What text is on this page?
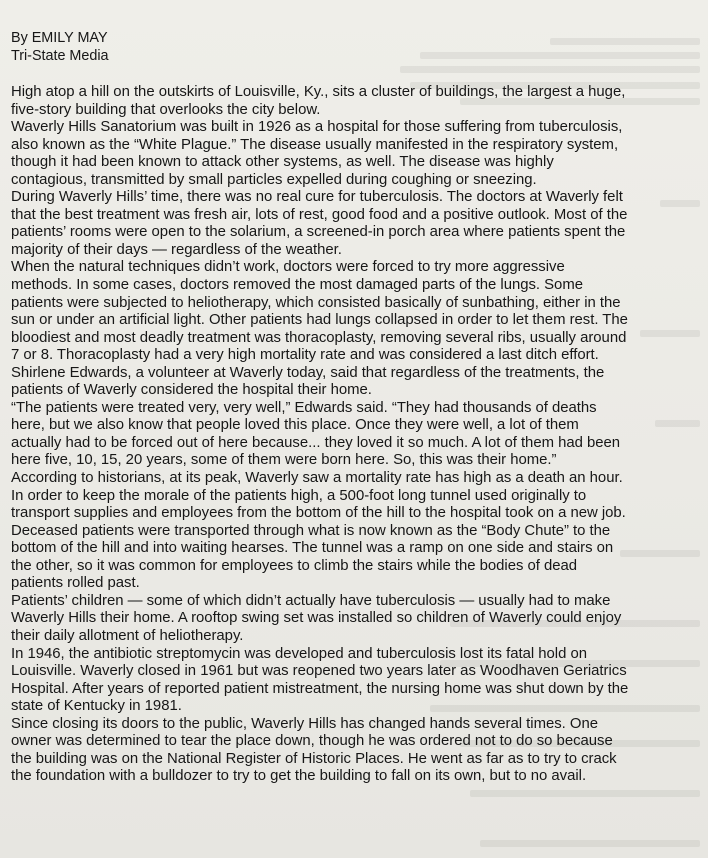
By EMILY MAY

Tri-State Media

High atop a hill on the outskirts of Louisville, Ky., sits a cluster of buildings, the largest a huge,
five-story building that overlooks the city below.

Waverly Hills Sanatorium was built in 1926 as a hospital for those suffering from tuberculosis,
also known as the “White Plague.” The disease usually manifested in the respiratory system,
though it had been known to attack other systems, as well. The disease was highly
contagious, transmitted by small particles expelled during coughing or sneezing.

During Waverly Hills’ time, there was no real cure for tuberculosis. The doctors at Waverly felt
that the best treatment was fresh air, lots of rest, good food and a positive outlook. Most of the
patients’ rooms were open to the solarium, a screened-in porch area where patients spent the
majority of their days — regardless of the weather.

When the natural techniques didn’t work, doctors were forced to try more aggressive
methods. In some cases, doctors removed the most damaged parts of the lungs. Some
patients were subjected to heliotherapy, which consisted basically of sunbathing, either in the
sun or under an artificial light. Other patients had lungs collapsed in order to let them rest. The
bloodiest and most deadly treatment was thoracoplasty, removing several ribs, usually around
7 or 8. Thoracoplasty had a very high mortality rate and was considered a last ditch effort.

Shirlene Edwards, a volunteer at Waverly today, said that regardless of the treatments, the
patients of Waverly considered the hospital their home.

“The patients were treated very, very well,” Edwards said. “They had thousands of deaths
here, but we also know that people loved this place. Once they were well, a lot of them
actually had to be forced out of here because... they loved it so much. A lot of them had been
here five, 10, 15, 20 years, some of them were born here. So, this was their home.”

According to historians, at its peak, Waverly saw a mortality rate has high as a death an hour.
In order to keep the morale of the patients high, a 500-foot long tunnel used originally to
transport supplies and employees from the bottom of the hill to the hospital took on a new job.
Deceased patients were transported through what is now known as the “Body Chute” to the
bottom of the hill and into waiting hearses. The tunnel was a ramp on one side and stairs on
the other, so it was common for employees to climb the stairs while the bodies of dead
patients rolled past.

Patients’ children — some of which didn’t actually have tuberculosis — usually had to make
Waverly Hills their home. A rooftop swing set was installed so children of Waverly could enjoy
their daily allotment of heliotherapy.

In 1946, the antibiotic streptomycin was developed and tuberculosis lost its fatal hold on
Louisville. Waverly closed in 1961 but was reopened two years later as Woodhaven Geriatrics
Hospital. After years of reported patient mistreatment, the nursing home was shut down by the
state of Kentucky in 1981.

Since closing its doors to the public, Waverly Hills has changed hands several times. One
owner was determined to tear the place down, though he was ordered not to do so because
the building was on the National Register of Historic Places. He went as far as to try to crack
the foundation with a bulldozer to try to get the building to fall on its own, but to no avail.
